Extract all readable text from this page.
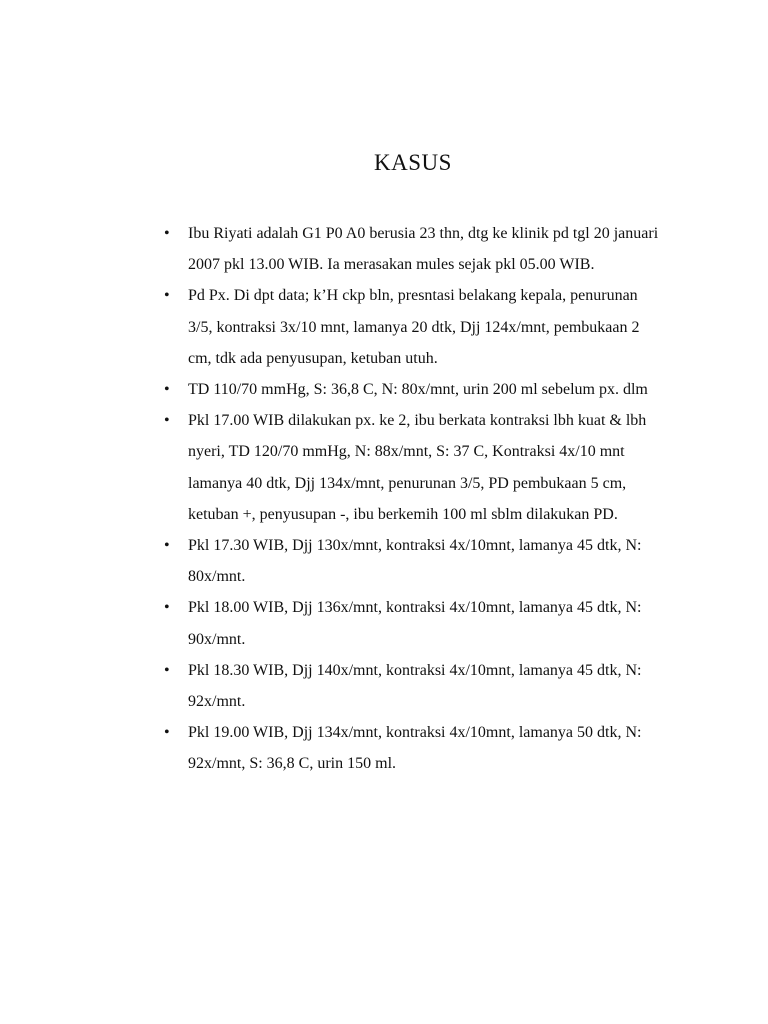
KASUS
• Ibu Riyati adalah G1 P0 A0 berusia 23 thn, dtg ke klinik pd tgl 20 januari 2007 pkl 13.00 WIB. Ia merasakan mules sejak pkl 05.00 WIB.
• Pd Px. Di dpt data; k’H ckp bln, presntasi belakang kepala, penurunan 3/5, kontraksi 3x/10 mnt, lamanya 20 dtk, Djj 124x/mnt, pembukaan 2 cm, tdk ada penyusupan, ketuban utuh.
• TD 110/70 mmHg, S: 36,8 C, N: 80x/mnt, urin 200 ml sebelum px. dlm
• Pkl 17.00 WIB dilakukan px. ke 2, ibu berkata kontraksi lbh kuat & lbh nyeri, TD 120/70 mmHg, N: 88x/mnt, S: 37 C, Kontraksi 4x/10 mnt lamanya 40 dtk, Djj 134x/mnt, penurunan 3/5, PD pembukaan 5 cm, ketuban +, penyusupan -, ibu berkemih 100 ml sblm dilakukan PD.
• Pkl 17.30 WIB, Djj 130x/mnt, kontraksi 4x/10mnt, lamanya 45 dtk, N: 80x/mnt.
• Pkl 18.00 WIB, Djj 136x/mnt, kontraksi 4x/10mnt, lamanya 45 dtk, N: 90x/mnt.
• Pkl 18.30 WIB, Djj 140x/mnt, kontraksi 4x/10mnt, lamanya 45 dtk, N: 92x/mnt.
• Pkl 19.00 WIB, Djj 134x/mnt, kontraksi 4x/10mnt, lamanya 50 dtk, N: 92x/mnt, S: 36,8 C, urin 150 ml.
